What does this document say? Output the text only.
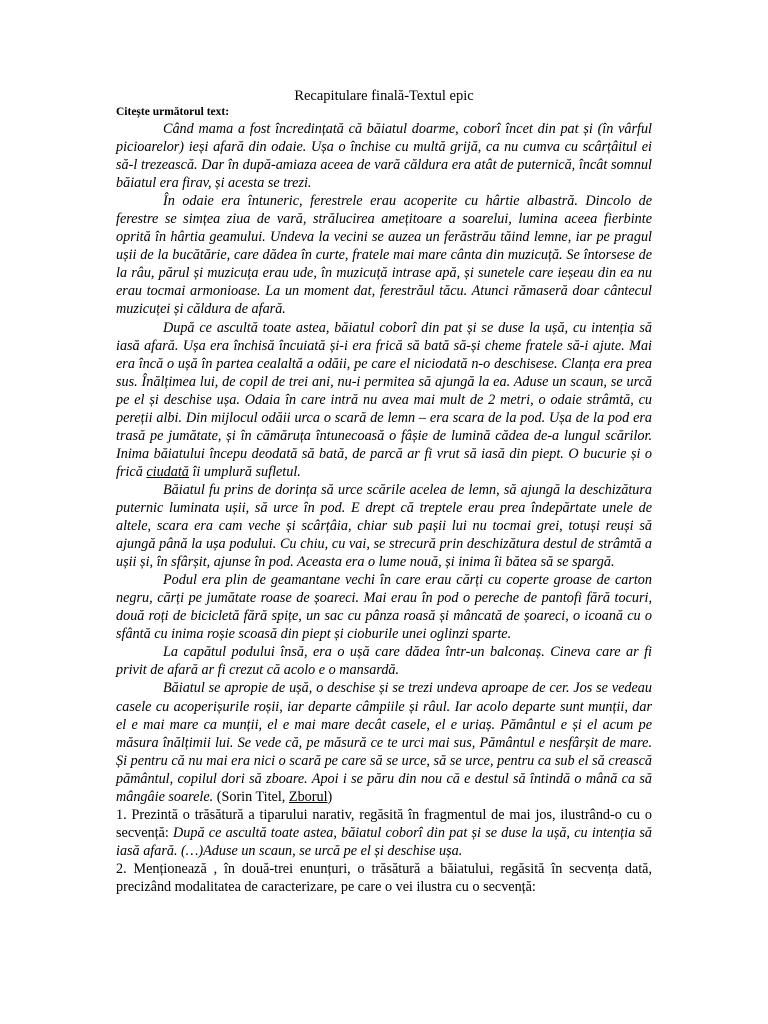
Recapitulare finală-Textul epic
Citește următorul text:

Când mama a fost încredințată că băiatul doarme, coborî încet din pat și (în vârful picioarelor) ieși afară din odaie. Ușa o închise cu multă grijă, ca nu cumva cu scârțâitul ei să-l trezească. Dar în după-amiaza aceea de vară căldura era atât de puternică, încât somnul băiatul era firav, și acesta se trezi.

În odaie era întuneric, ferestrele erau acoperite cu hârtie albastră. Dincolo de ferestre se simțea ziua de vară, strălucirea amețitoare a soarelui, lumina aceea fierbinte oprită în hârtia geamului. Undeva la vecini se auzea un ferăstrău tăind lemne, iar pe pragul ușii de la bucătărie, care dădea în curte, fratele mai mare cânta din muzicuță. Se întorsese de la râu, părul și muzicuța erau ude, în muzicuță intrase apă, și sunetele care ieșeau din ea nu erau tocmai armonioase. La un moment dat, ferestrăul tăcu. Atunci rămaseră doar cântecul muzicuței și căldura de afară.

După ce ascultă toate astea, băiatul coborî din pat și se duse la ușă, cu intenția să iasă afară. Ușa era închisă încuiată și-i era frică să bată să-și cheme fratele să-i ajute. Mai era încă o ușă în partea cealaltă a odăii, pe care el niciodată n-o deschisese. Clanța era prea sus. Înălțimea lui, de copil de trei ani, nu-i permitea să ajungă la ea. Aduse un scaun, se urcă pe el și deschise ușa. Odaia în care intră nu avea mai mult de 2 metri, o odaie strâmtă, cu pereții albi. Din mijlocul odăii urca o scară de lemn – era scara de la pod. Ușa de la pod era trasă pe jumătate, și în cămăruța întunecoasă o fâșie de lumină cădea de-a lungul scărilor. Inima băiatului începu deodată să bată, de parcă ar fi vrut să iasă din piept. O bucurie și o frică ciudată îi umplură sufletul.

Băiatul fu prins de dorința să urce scările acelea de lemn, să ajungă la deschizătura puternic luminata ușii, să urce în pod. E drept că treptele erau prea îndepărtate unele de altele, scara era cam veche și scârțâia, chiar sub pașii lui nu tocmai grei, totuși reuși să ajungă până la ușa podului. Cu chiu, cu vai, se strecură prin deschizătura destul de strâmtă a ușii și, în sfârșit, ajunse în pod. Aceasta era o lume nouă, și inima îi bătea să se spargă.

Podul era plin de geamantane vechi în care erau cărți cu coperte groase de carton negru, cărți pe jumătate roase de șoareci. Mai erau în pod o pereche de pantofi fără tocuri, două roți de bicicletă fără spițe, un sac cu pânza roasă și mâncată de șoareci, o icoană cu o sfântă cu inima roșie scoasă din piept și cioburile unei oglinzi sparte.

La capătul podului însă, era o ușă care dădea într-un balconaș. Cineva care ar fi privit de afară ar fi crezut că acolo e o mansardă.

Băiatul se apropie de ușă, o deschise și se trezi undeva aproape de cer. Jos se vedeau casele cu acoperișurile roșii, iar departe câmpiile și râul. Iar acolo departe sunt munții, dar el e mai mare ca munții, el e mai mare decât casele, el e uriaș. Pământul e și el acum pe măsura înălțimii lui. Se vede că, pe măsură ce te urci mai sus, Pământul e nesfârșit de mare. Și pentru că nu mai era nici o scară pe care să se urce, să se urce, pentru ca sub el să crească pământul, copilul dori să zboare. Apoi i se păru din nou că e destul să întindă o mână ca să mângâie soarele. (Sorin Titel, Zborul)

1. Prezintă o trăsătură a tiparului narativ, regăsită în fragmentul de mai jos, ilustrând-o cu o secvență: După ce ascultă toate astea, băiatul coborî din pat și se duse la ușă, cu intenția să iasă afară. (…)Aduse un scaun, se urcă pe el și deschise ușa.

2. Menționează , în două-trei enunțuri, o trăsătură a băiatului, regăsită în secvența dată, precizând modalitatea de caracterizare, pe care o vei ilustra cu o secvență:
